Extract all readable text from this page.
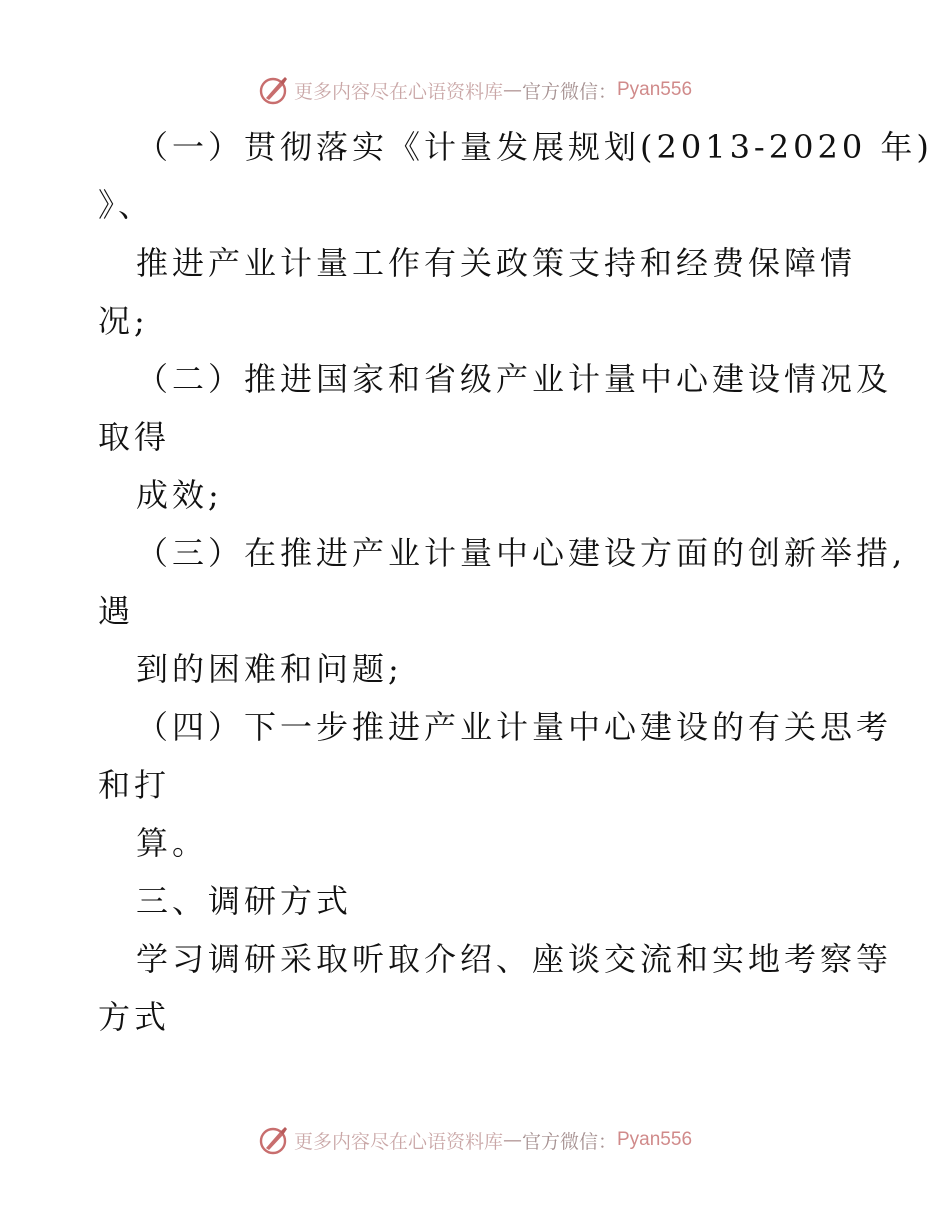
更多内容尽在心语资料库 — 官方微信： Pyan556
（一）贯彻落实《计量发展规划(2013-2020 年)
》、
推进产业计量工作有关政策支持和经费保障情
况;
（二）推进国家和省级产业计量中心建设情况及
取得
成效;
（三）在推进产业计量中心建设方面的创新举措,
遇
到的困难和问题;
（四）下一步推进产业计量中心建设的有关思考
和打
算。
三、调研方式
学习调研采取听取介绍、座谈交流和实地考察等
方式
更多内容尽在心语资料库 — 官方微信： Pyan556
